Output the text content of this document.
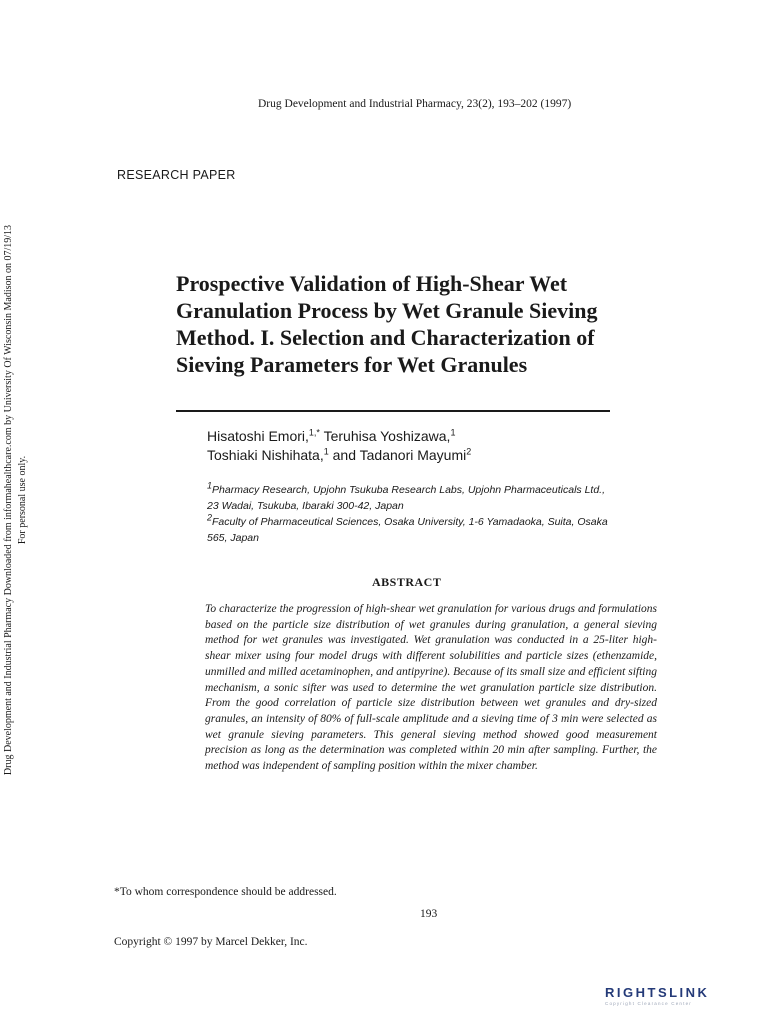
Drug Development and Industrial Pharmacy, 23(2), 193–202 (1997)
RESEARCH PAPER
Drug Development and Industrial Pharmacy Downloaded from informahealthcare.com by University Of Wisconsin Madison on 07/19/13 For personal use only.
Prospective Validation of High-Shear Wet Granulation Process by Wet Granule Sieving Method. I. Selection and Characterization of Sieving Parameters for Wet Granules
Hisatoshi Emori,$^{1,*}$ Teruhisa Yoshizawa,$^1$
Toshiaki Nishihata,$^1$ and Tadanori Mayumi$^2$
$^1$Pharmacy Research, Upjohn Tsukuba Research Labs, Upjohn Pharmaceuticals Ltd., 23 Wadai, Tsukuba, Ibaraki 300-42, Japan
$^2$Faculty of Pharmaceutical Sciences, Osaka University, 1-6 Yamadaoka, Suita, Osaka 565, Japan
ABSTRACT
To characterize the progression of high-shear wet granulation for various drugs and formulations based on the particle size distribution of wet granules during granulation, a general sieving method for wet granules was investigated. Wet granulation was conducted in a 25-liter high-shear mixer using four model drugs with different solubilities and particle sizes (ethenzamide, unmilled and milled acetaminophen, and antipyrine). Because of its small size and efficient sifting mechanism, a sonic sifter was used to determine the wet granulation particle size distribution. From the good correlation of particle size distribution between wet granules and dry-sized granules, an intensity of 80% of full-scale amplitude and a sieving time of 3 min were selected as wet granule sieving parameters. This general sieving method showed good measurement precision as long as the determination was completed within 20 min after sampling. Further, the method was independent of sampling position within the mixer chamber.
*To whom correspondence should be addressed.
193
Copyright © 1997 by Marcel Dekker, Inc.
RIGHTSLINK
Copyright Clearance Center
